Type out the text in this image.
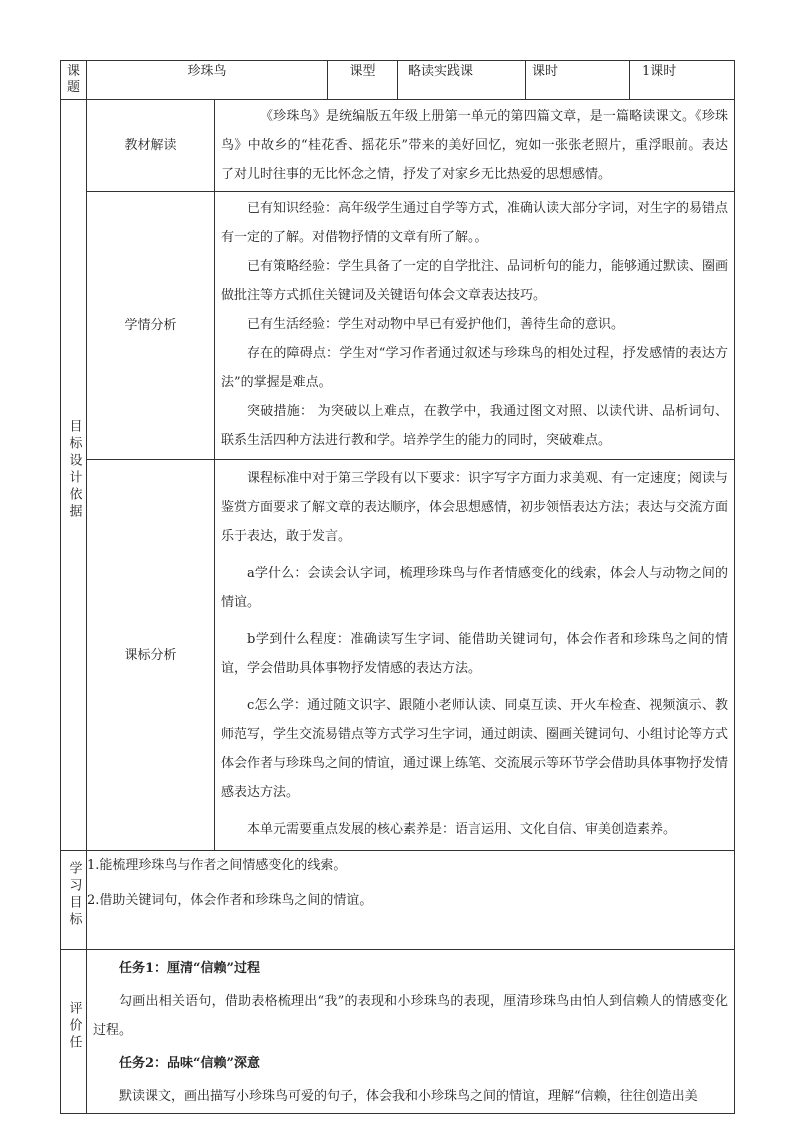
课题	珍珠鸟		课型	略读实践课	课时	1课时
目标设计依据	教材解读	《珍珠鸟》是统编版五年级上册第一单元的第四篇文章，是一篇略读课文。《珍珠鸟》中故乡的“桂花香、摇花乐”带来的美好回忆，宛如一张张老照片，重浮眼前。表达了对儿时往事的无比怀念之情，抒发了对家乡无比热爱的思想感情。				

	学情分析	已有知识经验：高年级学生通过自学等方式，准确认读大部分字词，对生字的易错点有一定的了解。对借物抒情的文章有所了解。。

已有策略经验：学生具备了一定的自学批注、品词析句的能力，能够通过默读、圈画做批注等方式抓住关键词及关键语句体会文章表达技巧。

已有生活经验：学生对动物中早已有爱护他们，善待生命的意识。

存在的障碍点：学生对“学习作者通过叙述与珍珠鸟的相处过程，抒发感情的表达方法”的掌握是难点。

突破措施： 为突破以上难点，在教学中，我通过图文对照、以读代讲、品析词句、联系生活四种方法进行教和学。培养学生的能力的同时，突破难点。				

	课标分析	课程标准中对于第三学段有以下要求：识字写字方面力求美观、有一定速度；阅读与鉴赏方面要求了解文章的表达顺序，体会思想感情，初步领悟表达方法；表达与交流方面乐于表达，敢于发言。

a学什么：会读会认字词，梳理珍珠鸟与作者情感变化的线索，体会人与动物之间的情谊。

b学到什么程度：准确读写生字词、能借助关键词句，体会作者和珍珠鸟之间的情谊，学会借助具体事物抒发情感的表达方法。

c怎么学：通过随文识字、跟随小老师认读、同桌互读、开火车检查、视频演示、教师范写，学生交流易错点等方式学习生字词，通过朗读、圈画关键词句、小组讨论等方式体会作者与珍珠鸟之间的情谊，通过课上练笔、交流展示等环节学会借助具体事物抒发情感表达方法。

本单元需要重点发展的核心素养是：语言运用、文化自信、审美创造素养。				

学习目标	1.能梳理珍珠鸟与作者之间情感变化的线索。

2.借助关键词句，体会作者和珍珠鸟之间的情谊。					

评价任	任务1：厘清“信赖”过程

勾画出相关语句，借助表格梳理出“我”的表现和小珍珠鸟的表现，厘清珍珠鸟由怕人到信赖人的情感变化过程。

任务2：品味“信赖”深意

默读课文，画出描写小珍珠鸟可爱的句子，体会我和小珍珠鸟之间的情谊，理解“信赖，往往创造出美					
